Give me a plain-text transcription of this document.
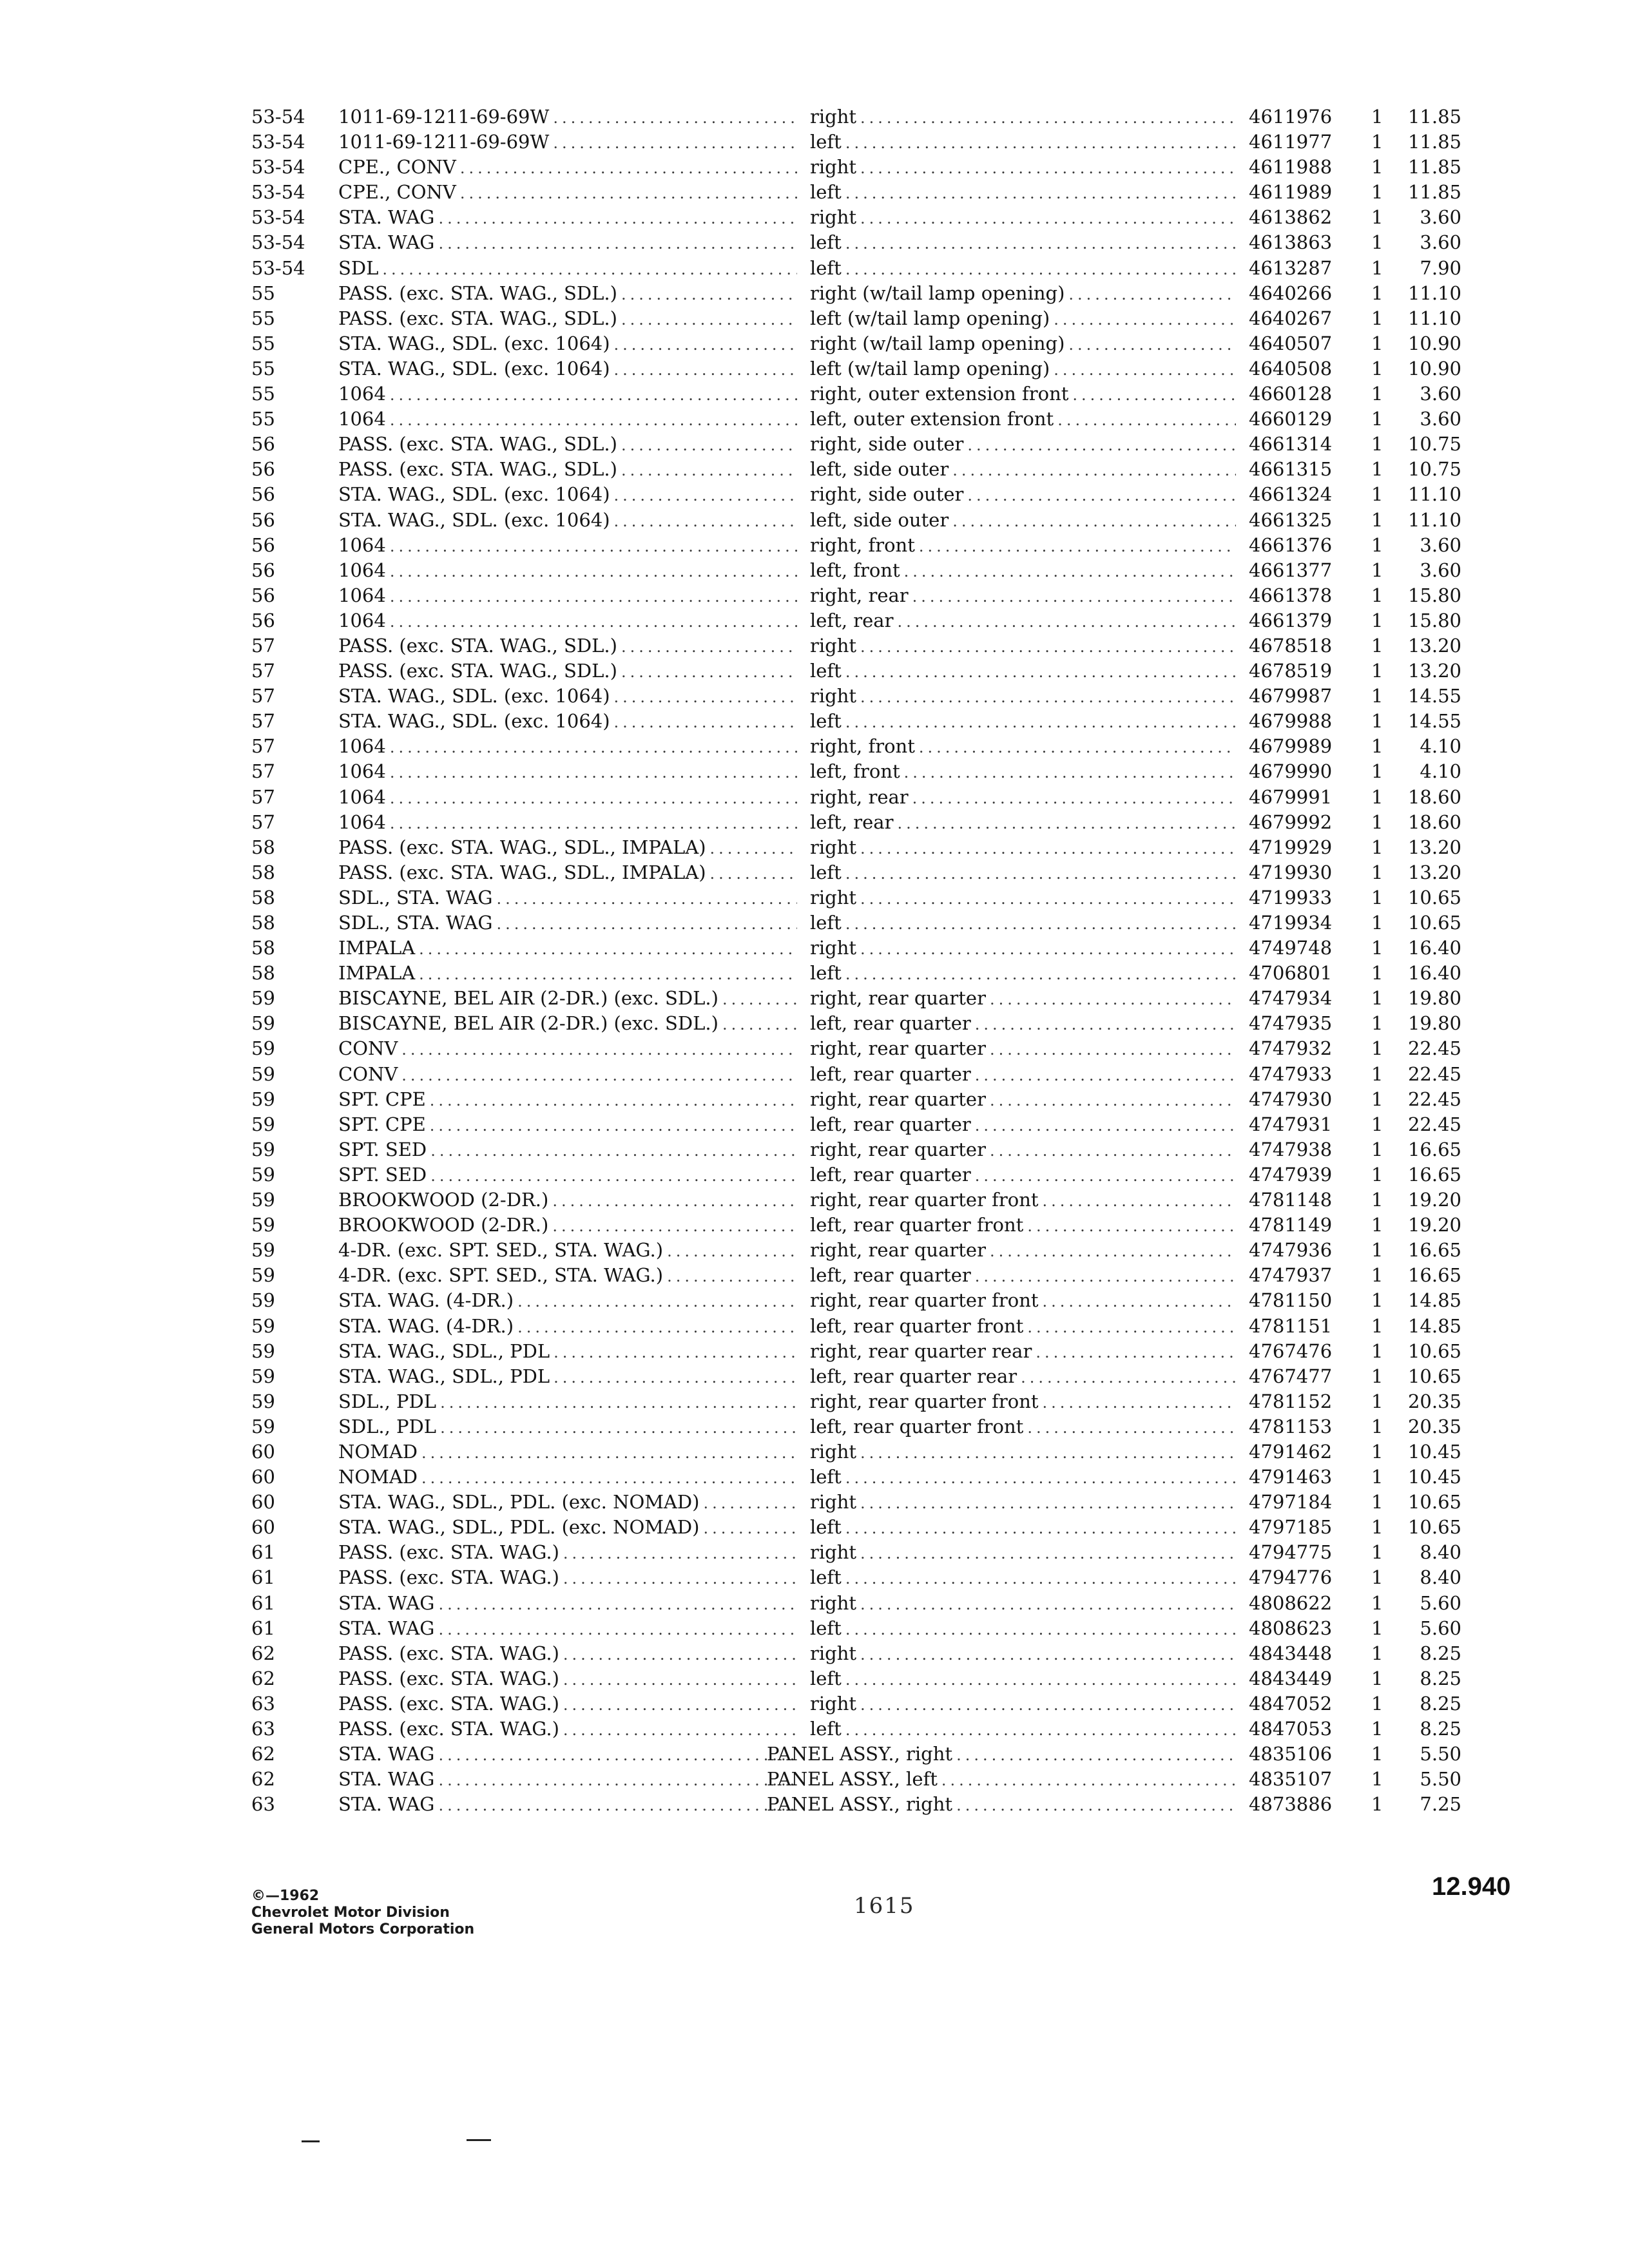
53-54	1011-69-1211-69-69W .....	right .....	4611976	1	11.85
53-54	1011-69-1211-69-69W .....	left .....	4611977	1	11.85
53-54	CPE., CONV .....	right .....	4611988	1	11.85
53-54	CPE., CONV .....	left .....	4611989	1	11.85
53-54	STA. WAG .....	right .....	4613862	1	3.60
53-54	STA. WAG .....	left .....	4613863	1	3.60
53-54	SDL .....	left .....	4613287	1	7.90
55	PASS. (exc. STA. WAG., SDL.) .....	right (w/tail lamp opening) .....	4640266	1	11.10
55	PASS. (exc. STA. WAG., SDL.) .....	left (w/tail lamp opening) .....	4640267	1	11.10
55	STA. WAG., SDL. (exc. 1064) .....	right (w/tail lamp opening) .....	4640507	1	10.90
55	STA. WAG., SDL. (exc. 1064) .....	left (w/tail lamp opening) .....	4640508	1	10.90
55	1064 .....	right, outer extension front .....	4660128	1	3.60
55	1064 .....	left, outer extension front .....	4660129	1	3.60
56	PASS. (exc. STA. WAG., SDL.) .....	right, side outer .....	4661314	1	10.75
56	PASS. (exc. STA. WAG., SDL.) .....	left, side outer .....	4661315	1	10.75
56	STA. WAG., SDL. (exc. 1064) .....	right, side outer .....	4661324	1	11.10
56	STA. WAG., SDL. (exc. 1064) .....	left, side outer .....	4661325	1	11.10
56	1064 .....	right, front .....	4661376	1	3.60
56	1064 .....	left, front .....	4661377	1	3.60
56	1064 .....	right, rear .....	4661378	1	15.80
56	1064 .....	left, rear .....	4661379	1	15.80
57	PASS. (exc. STA. WAG., SDL.) .....	right .....	4678518	1	13.20
57	PASS. (exc. STA. WAG., SDL.) .....	left .....	4678519	1	13.20
57	STA. WAG., SDL. (exc. 1064) .....	right .....	4679987	1	14.55
57	STA. WAG., SDL. (exc. 1064) .....	left .....	4679988	1	14.55
57	1064 .....	right, front .....	4679989	1	4.10
57	1064 .....	left, front .....	4679990	1	4.10
57	1064 .....	right, rear .....	4679991	1	18.60
57	1064 .....	left, rear .....	4679992	1	18.60
58	PASS. (exc. STA. WAG., SDL., IMPALA) .....	right .....	4719929	1	13.20
58	PASS. (exc. STA. WAG., SDL., IMPALA) .....	left .....	4719930	1	13.20
58	SDL., STA. WAG .....	right .....	4719933	1	10.65
58	SDL., STA. WAG .....	left .....	4719934	1	10.65
58	IMPALA .....	right .....	4749748	1	16.40
58	IMPALA .....	left .....	4706801	1	16.40
59	BISCAYNE, BEL AIR (2-DR.) (exc. SDL.) .....	right, rear quarter .....	4747934	1	19.80
59	BISCAYNE, BEL AIR (2-DR.) (exc. SDL.) .....	left, rear quarter .....	4747935	1	19.80
59	CONV .....	right, rear quarter .....	4747932	1	22.45
59	CONV .....	left, rear quarter .....	4747933	1	22.45
59	SPT. CPE .....	right, rear quarter .....	4747930	1	22.45
59	SPT. CPE .....	left, rear quarter .....	4747931	1	22.45
59	SPT. SED .....	right, rear quarter .....	4747938	1	16.65
59	SPT. SED .....	left, rear quarter .....	4747939	1	16.65
59	BROOKWOOD (2-DR.) .....	right, rear quarter front .....	4781148	1	19.20
59	BROOKWOOD (2-DR.) .....	left, rear quarter front .....	4781149	1	19.20
59	4-DR. (exc. SPT. SED., STA. WAG.) .....	right, rear quarter .....	4747936	1	16.65
59	4-DR. (exc. SPT. SED., STA. WAG.) .....	left, rear quarter .....	4747937	1	16.65
59	STA. WAG. (4-DR.) .....	right, rear quarter front .....	4781150	1	14.85
59	STA. WAG. (4-DR.) .....	left, rear quarter front .....	4781151	1	14.85
59	STA. WAG., SDL., PDL .....	right, rear quarter rear .....	4767476	1	10.65
59	STA. WAG., SDL., PDL .....	left, rear quarter rear .....	4767477	1	10.65
59	SDL., PDL .....	right, rear quarter front .....	4781152	1	20.35
59	SDL., PDL .....	left, rear quarter front .....	4781153	1	20.35
60	NOMAD .....	right .....	4791462	1	10.45
60	NOMAD .....	left .....	4791463	1	10.45
60	STA. WAG., SDL., PDL. (exc. NOMAD) .....	right .....	4797184	1	10.65
60	STA. WAG., SDL., PDL. (exc. NOMAD) .....	left .....	4797185	1	10.65
61	PASS. (exc. STA. WAG.) .....	right .....	4794775	1	8.40
61	PASS. (exc. STA. WAG.) .....	left .....	4794776	1	8.40
61	STA. WAG .....	right .....	4808622	1	5.60
61	STA. WAG .....	left .....	4808623	1	5.60
62	PASS. (exc. STA. WAG.) .....	right .....	4843448	1	8.25
62	PASS. (exc. STA. WAG.) .....	left .....	4843449	1	8.25
63	PASS. (exc. STA. WAG.) .....	right .....	4847052	1	8.25
63	PASS. (exc. STA. WAG.) .....	left .....	4847053	1	8.25
62	STA. WAG .....	PANEL ASSY., right .....	4835106	1	5.50
62	STA. WAG .....	PANEL ASSY., left .....	4835107	1	5.50
63	STA. WAG .....	PANEL ASSY., right .....	4873886	1	7.25
©—1962
Chevrolet Motor Division
General Motors Corporation
1615
12.940
